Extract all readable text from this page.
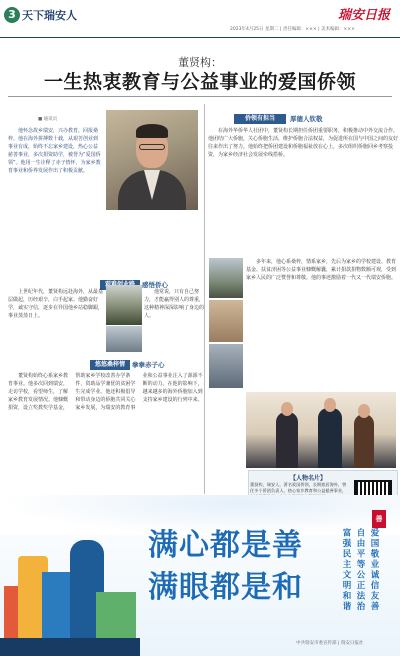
3 天下瑞安人	瑞安日报
2023年4月25日 星期二 | 责任编辑：××× | 美术编辑：×××
董贤构：
一生热衷教育与公益事业的爱国侨领
■ 通讯员
他怀念故乡瑞安，兴办教育，回报桑梓。他在海外拼搏数十载，从艰苦创业到事业有成，始终不忘家乡建设，热心公益慈善事业，多次捐资助学，被誉为“爱国侨领”。他用一生诠释了赤子情怀，为家乡教育事业和侨界发展作出了积极贡献。
侨领有担当	厚德人钦敬
在海外华侨华人社团中，董贤构长期担任侨团重要职务，积极推动中外交流合作。他团结广大侨胞，关心侨胞生活，维护侨胞合法权益，为促进所在国与中国之间的友好往来作出了努力。他始终把侨团建设和侨胞福祉放在心上，多次组织侨胞回乡考察投资，为家乡经济社会发展牵线搭桥。
多年来，他心系桑梓，情系家乡，先后为家乡的学校建设、教育基金、扶贫济困等公益事业慷慨解囊，累计捐款捐物数额可观，受到家乡人民的广泛赞誉和尊敬。他的事迹激励着一代又一代瑞安侨胞。
感悟侨心
上世纪年代，董贤构远赴海外，从最基层做起，历经艰辛，白手起家。他勤奋好学，诚实守信，逐步在异国他乡站稳脚跟，事业蒸蒸日上。
他常说，只有自己努力，才能赢得别人的尊重，这种精神深深影响了身边的人。
悠悠桑梓情	拳拳赤子心
董贤构始终心系家乡教育事业。他多次回到瑞安，走访学校，看望师生，了解家乡教育发展情况。他慷慨捐资，设立奖教奖学基金，帮助家乡学校改善办学条件，资助品学兼优的贫困学生完成学业。他还积极倡导和带动身边的侨胞共同关心家乡发展，为瑞安的教育事业和公益事业注入了源源不断的动力。在他的影响下，越来越多的海外侨胞加入到支持家乡建设的行列中来。
【人物名片】
董贤构，瑞安人，著名爱国侨领，长期旅居海外，曾任多个侨团负责人，热心家乡教育和公益慈善事业，
满心都是善
满眼都是和	富强民主文明和谐 自由平等公正法治 爱国敬业诚信友善
善
中共瑞安市委宣传部 | 瑞安日报社
